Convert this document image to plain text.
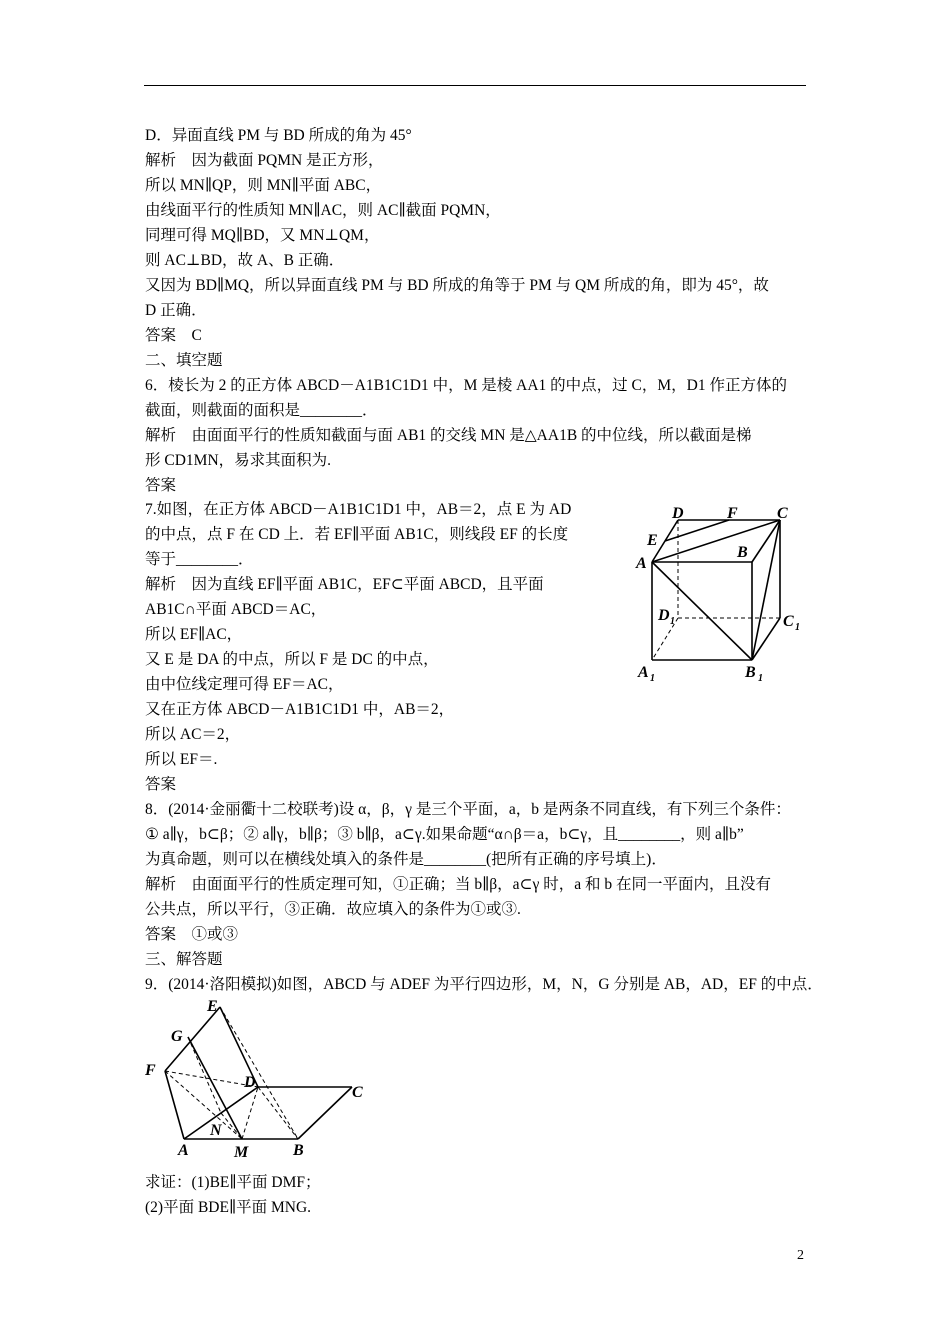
D．异面直线 PM 与 BD 所成的角为 45°
解析　因为截面 PQMN 是正方形，
所以 MN∥QP，则 MN∥平面 ABC，
由线面平行的性质知 MN∥AC，则 AC∥截面 PQMN，
同理可得 MQ∥BD，又 MN⊥QM，
则 AC⊥BD，故 A、B 正确．
又因为 BD∥MQ，所以异面直线 PM 与 BD 所成的角等于 PM 与 QM 所成的角，即为 45°，故
D 正确．
答案　C
二、填空题
6．棱长为 2 的正方体 ABCD－A1B1C1D1 中，M 是棱 AA1 的中点，过 C，M，D1 作正方体的
截面，则截面的面积是________．
解析　由面面平行的性质知截面与面 AB1 的交线 MN 是△AA1B 的中位线，所以截面是梯
形 CD1MN，易求其面积为.
答案
7.如图，在正方体 ABCD－A1B1C1D1 中，AB＝2，点 E 为 AD
的中点，点 F 在 CD 上．若 EF∥平面 AB1C，则线段 EF 的长度
等于________．
解析　因为直线 EF∥平面 AB1C，EF⊂平面 ABCD，且平面
AB1C∩平面 ABCD＝AC，
所以 EF∥AC，
又 E 是 DA 的中点，所以 F 是 DC 的中点，
由中位线定理可得 EF＝AC，
又在正方体 ABCD－A1B1C1D1 中，AB＝2，
所以 AC＝2，
所以 EF＝.
答案
8．(2014·金丽衢十二校联考)设 α，β，γ 是三个平面，a，b 是两条不同直线，有下列三个条件：
① a∥γ，b⊂β；② a∥γ，b∥β；③ b∥β，a⊂γ.如果命题“α∩β＝a，b⊂γ，且________，则 a∥b”
为真命题，则可以在横线处填入的条件是________(把所有正确的序号填上)．
解析　由面面平行的性质定理可知，①正确；当 b∥β，a⊂γ 时，a 和 b 在同一平面内，且没有
公共点，所以平行，③正确．故应填入的条件为①或③.
答案　①或③
三、解答题
9．(2014·洛阳模拟)如图，ABCD 与 ADEF 为平行四边形，M，N，G 分别是 AB，AD，EF 的中点．
求证：(1)BE∥平面 DMF；
(2)平面 BDE∥平面 MNG.
D	F C
E
B
A
D 1	C 1
A 1	B 1
E
G
F
D
C
A
N
M	B
2
